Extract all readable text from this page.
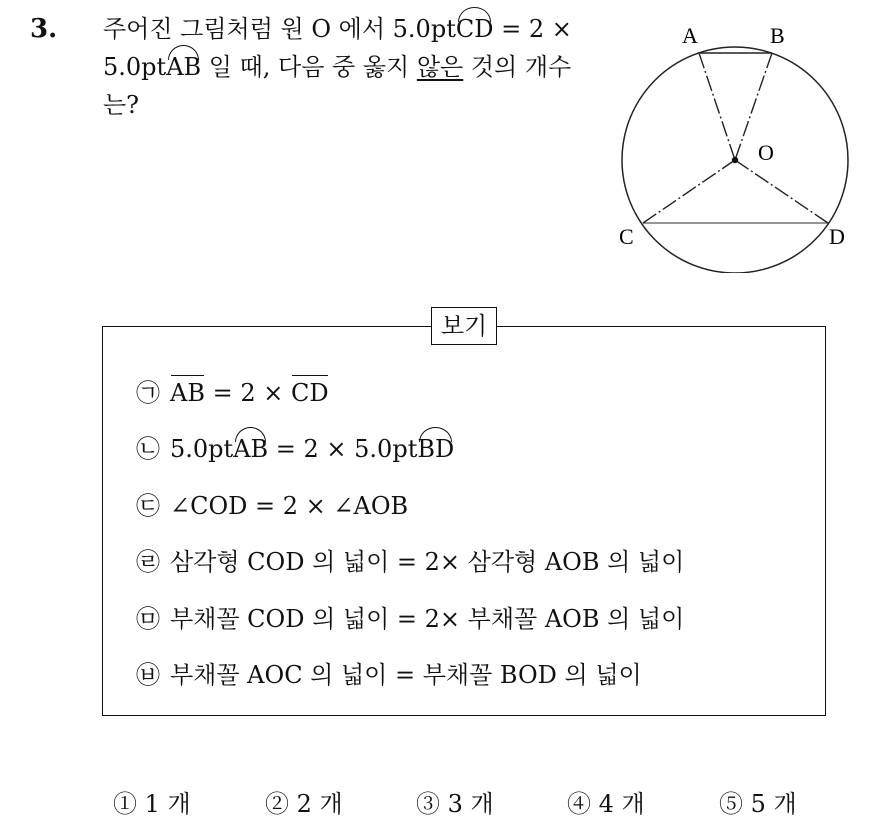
3. 주어진 그림처럼 원 O 에서 5.0ptCD = 2 ×
5.0ptAB 일 때, 다음 중 옳지 않은 것의 개수
는?
A	B
O
C	D
보기
㉠ AB = 2 × CD
㉡ 5.0ptAB = 2 × 5.0ptBD
㉢ ∠COD = 2 × ∠AOB
㉣ 삼각형 COD 의 넓이 = 2× 삼각형 AOB 의 넓이
㉤ 부채꼴 COD 의 넓이 = 2× 부채꼴 AOB 의 넓이
㉥ 부채꼴 AOC 의 넓이 = 부채꼴 BOD 의 넓이
① 1 개	② 2 개	③ 3 개	④ 4 개	⑤ 5 개
